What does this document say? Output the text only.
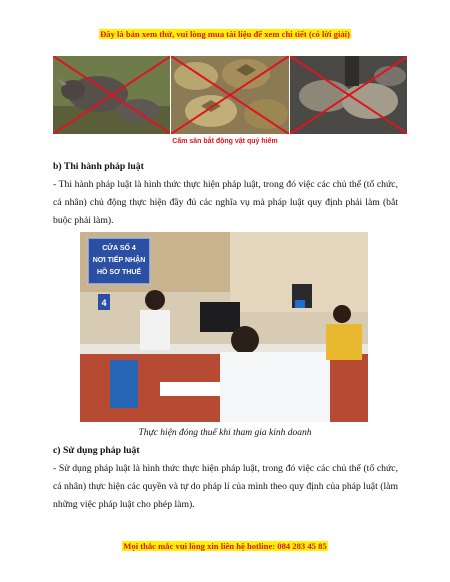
Đây là bản xem thử, vui lòng mua tài liệu để xem chi tiết (có lời giải)
Cấm săn bắt động vật quý hiếm
b) Thi hành pháp luật
- Thi hành pháp luật là hình thức thực hiện pháp luật, trong đó việc các chủ thể (tổ chức, cá nhân) chủ động thực hiện đầy đủ các nghĩa vụ mà pháp luật quy định phải làm (bắt buộc phải làm).
CỬA SỐ 4
NƠI TIẾP NHẬN
HỒ SƠ THUẾ
4
Thực hiện đóng thuế khi tham gia kinh doanh
c) Sử dụng pháp luật
- Sử dụng pháp luật là hình thức thực hiện pháp luật, trong đó việc các chủ thể (tổ chức, cá nhân) thực hiện các quyền và tự do pháp lí của mình theo quy định của pháp luật (làm những việc pháp luật cho phép làm).
Mọi thắc mắc vui lòng xin liên hệ hotline: 084 283 45 85
